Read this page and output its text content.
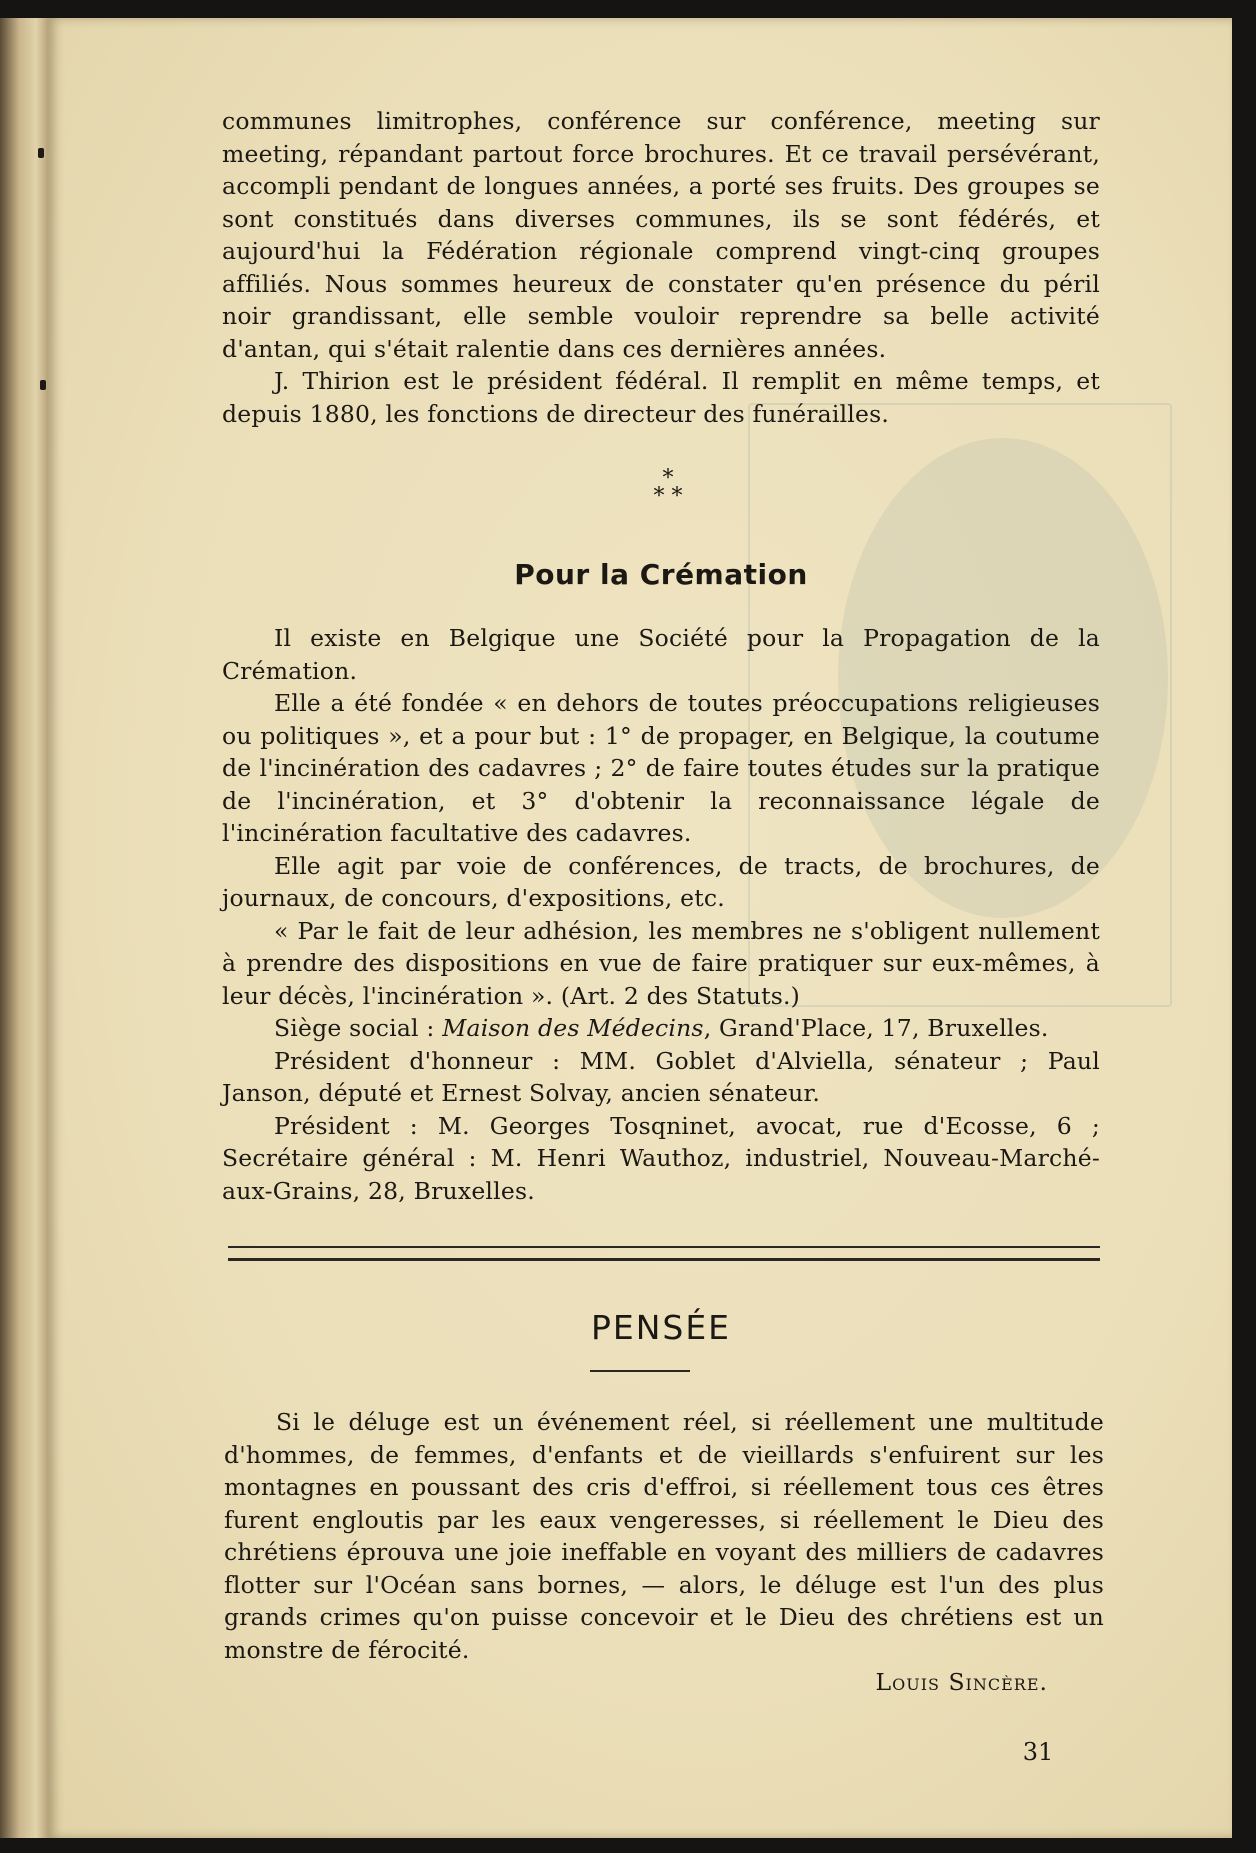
communes limitrophes, conférence sur conférence, meeting sur meeting, répandant partout force brochures. Et ce travail persévérant, accompli pendant de longues années, a porté ses fruits. Des groupes se sont constitués dans diverses communes, ils se sont fédérés, et aujourd'hui la Fédération régionale comprend vingt-cinq groupes affiliés. Nous sommes heureux de constater qu'en présence du péril noir grandissant, elle semble vouloir reprendre sa belle activité d'antan, qui s'était ralentie dans ces dernières années.

J. Thirion est le président fédéral. Il remplit en même temps, et depuis 1880, les fonctions de directeur des funérailles.

*
* *
Pour la Crémation

Il existe en Belgique une Société pour la Propagation de la Crémation.

Elle a été fondée « en dehors de toutes préoccupations religieuses ou politiques », et a pour but : 1° de propager, en Belgique, la coutume de l'incinération des cadavres ; 2° de faire toutes études sur la pratique de l'incinération, et 3° d'obtenir la reconnaissance légale de l'incinération facultative des cadavres.

Elle agit par voie de conférences, de tracts, de brochures, de journaux, de concours, d'expositions, etc.

« Par le fait de leur adhésion, les membres ne s'obligent nullement à prendre des dispositions en vue de faire pratiquer sur eux-mêmes, à leur décès, l'incinération ». (Art. 2 des Statuts.)

Siège social : Maison des Médecins, Grand'Place, 17, Bruxelles.

Président d'honneur : MM. Goblet d'Alviella, sénateur ; Paul Janson, député et Ernest Solvay, ancien sénateur.

Président : M. Georges Tosqninet, avocat, rue d'Ecosse, 6 ; Secrétaire général : M. Henri Wauthoz, industriel, Nouveau-Marché-aux-Grains, 28, Bruxelles.

PENSÉE

Si le déluge est un événement réel, si réellement une multitude d'hommes, de femmes, d'enfants et de vieillards s'enfuirent sur les montagnes en poussant des cris d'effroi, si réellement tous ces êtres furent engloutis par les eaux vengeresses, si réellement le Dieu des chrétiens éprouva une joie ineffable en voyant des milliers de cadavres flotter sur l'Océan sans bornes, — alors, le déluge est l'un des plus grands crimes qu'on puisse concevoir et le Dieu des chrétiens est un monstre de férocité.

Louis Sincère.
31
